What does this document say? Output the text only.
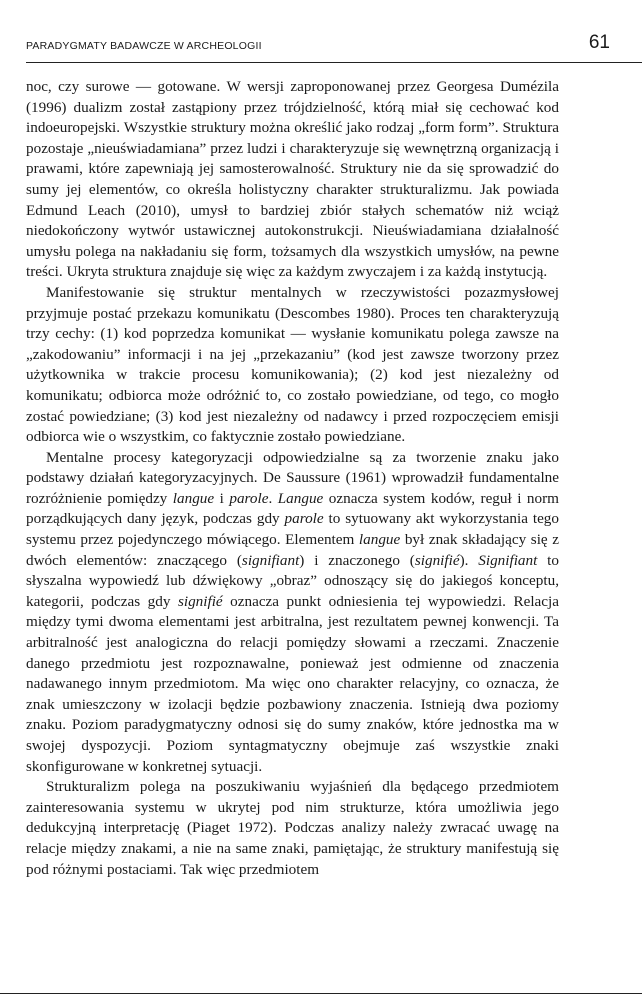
PARADYGMATY BADAWCZE W ARCHEOLOGII	61

noc, czy surowe — gotowane. W wersji zaproponowanej przez Georgesa Dumézila (1996) dualizm został zastąpiony przez trójdzielność, którą miał się cechować kod indoeuropejski. Wszystkie struktury można określić jako rodzaj „form form”. Struktura pozostaje „nieuświadamiana” przez ludzi i charakteryzuje się wewnętrzną organizacją i prawami, które zapewniają jej samosterowalność. Struktury nie da się sprowadzić do sumy jej elementów, co określa holistyczny charakter strukturalizmu. Jak powiada Edmund Leach (2010), umysł to bardziej zbiór stałych schematów niż wciąż niedokończony wytwór ustawicznej autokonstrukcji. Nieuświadamiana działalność umysłu polega na nakładaniu się form, tożsamych dla wszystkich umysłów, na pewne treści. Ukryta struktura znajduje się więc za każdym zwyczajem i za każdą instytucją.

Manifestowanie się struktur mentalnych w rzeczywistości pozazmysłowej przyjmuje postać przekazu komunikatu (Descombes 1980). Proces ten charakteryzują trzy cechy: (1) kod poprzedza komunikat — wysłanie komunikatu polega zawsze na „zakodowaniu” informacji i na jej „przekazaniu” (kod jest zawsze tworzony przez użytkownika w trakcie procesu komunikowania); (2) kod jest niezależny od komunikatu; odbiorca może odróżnić to, co zostało powiedziane, od tego, co mogło zostać powiedziane; (3) kod jest niezależny od nadawcy i przed rozpoczęciem emisji odbiorca wie o wszystkim, co faktycznie zostało powiedziane.

Mentalne procesy kategoryzacji odpowiedzialne są za tworzenie znaku jako podstawy działań kategoryzacyjnych. De Saussure (1961) wprowadził fundamentalne rozróżnienie pomiędzy langue i parole. Langue oznacza system kodów, reguł i norm porządkujących dany język, podczas gdy parole to sytuowany akt wykorzystania tego systemu przez pojedynczego mówiącego. Elementem langue był znak składający się z dwóch elementów: znaczącego (signifiant) i znaczonego (signifié). Signifiant to słyszalna wypowiedź lub dźwiękowy „obraz” odnoszący się do jakiegoś konceptu, kategorii, podczas gdy signifié oznacza punkt odniesienia tej wypowiedzi. Relacja między tymi dwoma elementami jest arbitralna, jest rezultatem pewnej konwencji. Ta arbitralność jest analogiczna do relacji pomiędzy słowami a rzeczami. Znaczenie danego przedmiotu jest rozpoznawalne, ponieważ jest odmienne od znaczenia nadawanego innym przedmiotom. Ma więc ono charakter relacyjny, co oznacza, że znak umieszczony w izolacji będzie pozbawiony znaczenia. Istnieją dwa poziomy znaku. Poziom paradygmatyczny odnosi się do sumy znaków, które jednostka ma w swojej dyspozycji. Poziom syntagmatyczny obejmuje zaś wszystkie znaki skonfigurowane w konkretnej sytuacji.

Strukturalizm polega na poszukiwaniu wyjaśnień dla będącego przedmiotem zainteresowania systemu w ukrytej pod nim strukturze, która umożliwia jego dedukcyjną interpretację (Piaget 1972). Podczas analizy należy zwracać uwagę na relacje między znakami, a nie na same znaki, pamiętając, że struktury manifestują się pod różnymi postaciami. Tak więc przedmiotem
